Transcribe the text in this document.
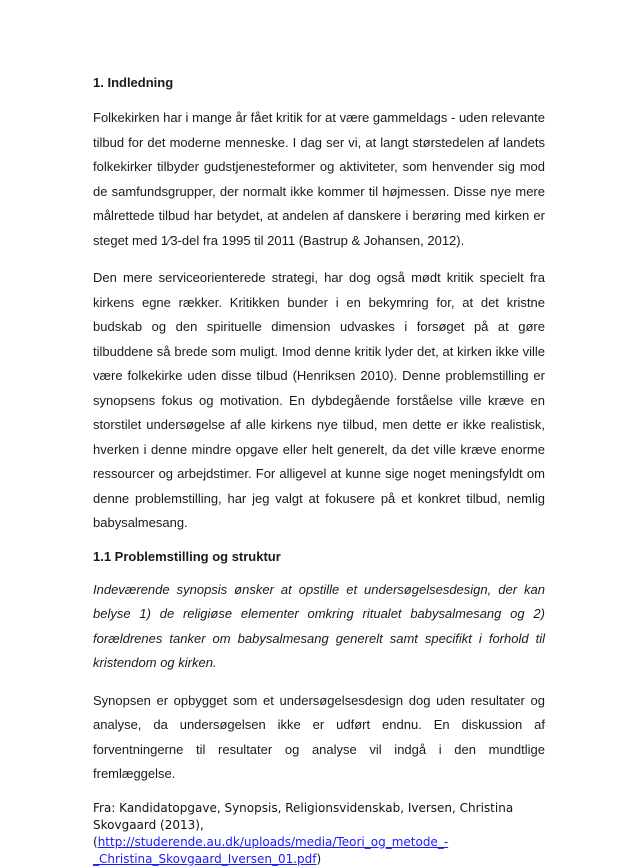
1. Indledning

Folkekirken har i mange år fået kritik for at være gammeldags - uden relevante tilbud for det moderne menneske. I dag ser vi, at langt størstedelen af landets folkekirker tilbyder gudstjenesteformer og aktiviteter, som henvender sig mod de samfundsgrupper, der normalt ikke kommer til højmessen. Disse nye mere målrettede tilbud har betydet, at andelen af danskere i berøring med kirken er steget med 1⁄3-del fra 1995 til 2011 (Bastrup & Johansen, 2012).

Den mere serviceorienterede strategi, har dog også mødt kritik specielt fra kirkens egne rækker. Kritikken bunder i en bekymring for, at det kristne budskab og den spirituelle dimension udvaskes i forsøget på at gøre tilbuddene så brede som muligt. Imod denne kritik lyder det, at kirken ikke ville være folkekirke uden disse tilbud (Henriksen 2010). Denne problemstilling er synopsens fokus og motivation. En dybdegående forståelse ville kræve en storstilet undersøgelse af alle kirkens nye tilbud, men dette er ikke realistisk, hverken i denne mindre opgave eller helt generelt, da det ville kræve enorme ressourcer og arbejdstimer. For alligevel at kunne sige noget meningsfyldt om denne problemstilling, har jeg valgt at fokusere på et konkret tilbud, nemlig babysalmesang.

1.1 Problemstilling og struktur

Indeværende synopsis ønsker at opstille et undersøgelsesdesign, der kan belyse 1) de religiøse elementer omkring ritualet babysalmesang og 2) forældrenes tanker om babysalmesang generelt samt specifikt i forhold til kristendom og kirken.

Synopsen er opbygget som et undersøgelsesdesign dog uden resultater og analyse, da undersøgelsen ikke er udført endnu. En diskussion af forventningerne til resultater og analyse vil indgå i den mundtlige fremlæggelse.

Fra: Kandidatopgave, Synopsis, Religionsvidenskab, Iversen, Christina Skovgaard (2013),
(http://studerende.au.dk/uploads/media/Teori_og_metode_-_Christina_Skovgaard_Iversen_01.pdf)
